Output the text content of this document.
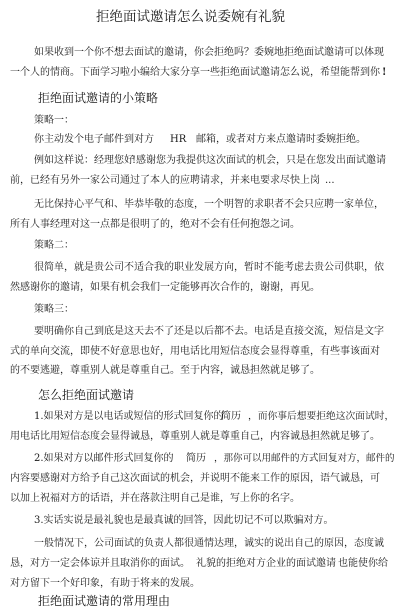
拒绝面试邀请怎么说委婉有礼貌
如果收到一个你不想去面试的邀请，你会拒绝吗？委婉地拒绝面试邀请可以体现
一个人的情商。下面学习啦小编给大家分享一些拒绝面试邀请怎么说，希望能帮到你 !
拒绝面试邀请的小策略
策略一：
你主动发个电子邮件到对方 HR 邮箱，或者对方来点邀请时委婉拒绝。
例如这样说：经理您好
!感谢您为我提供这次面试的机会，只是在您发出面试邀请
前，已经有另外一家公司通过了本人的应聘请求，并来电要求尽快上岗 ...
无比保持心平气和、毕恭毕敬的态度，一个明智的求职者不会只应聘一家单位，
所有人事经理对这一点都是很明了的，绝对不会有任何抱怨之词。
策略二：
很简单，就是贵公司不适合我的职业发展方向，暂时不能考虑去贵公司供职，依
然感谢你的邀请，如果有机会我们一定能够再次合作的，谢谢，再见。
策略三：
要明确你自己到底是这天去不了还是以后都不去。电话是直接交流，短信是文字
式的单向交流，即使不好意思也好，用电话比用短信态度会显得尊重，有些事该面对
的不要逃避，尊重别人就是尊重自己。至于内容，诚恳担然就足够了。
怎么拒绝面试邀请
1.如果对方是以电话或短信的形式回复你的
简历 ，而你事后想要拒绝这次面试时，
用电话比用短信态度会显得诚恳，尊重别人就是尊重自己，内容诚恳担然就足够了。
2.如果对方以邮件形式回复你的 简历 ，那你可以用邮件的方式回复对方，邮件的
内容要感谢对方给予自己这次面试的机会，并说明不能来工作的原因，语气诚恳，可
以加上祝福对方的话语，并在落款注明自己是谁，写上你的名字。
3.实话实说是最礼貌也是最真诚的回答，因此切记不可以欺骗对方。
一般情况下，公司面试的负责人都很通情达理，诚实的说出自己的原因，态度诚
恳，对方一定会体谅并且取消你的面试。 礼貌的拒绝对方企业的面试邀请 也能使你给
对方留下一个好印象，有助于将来的发展。
拒绝面试邀请的常用理由
